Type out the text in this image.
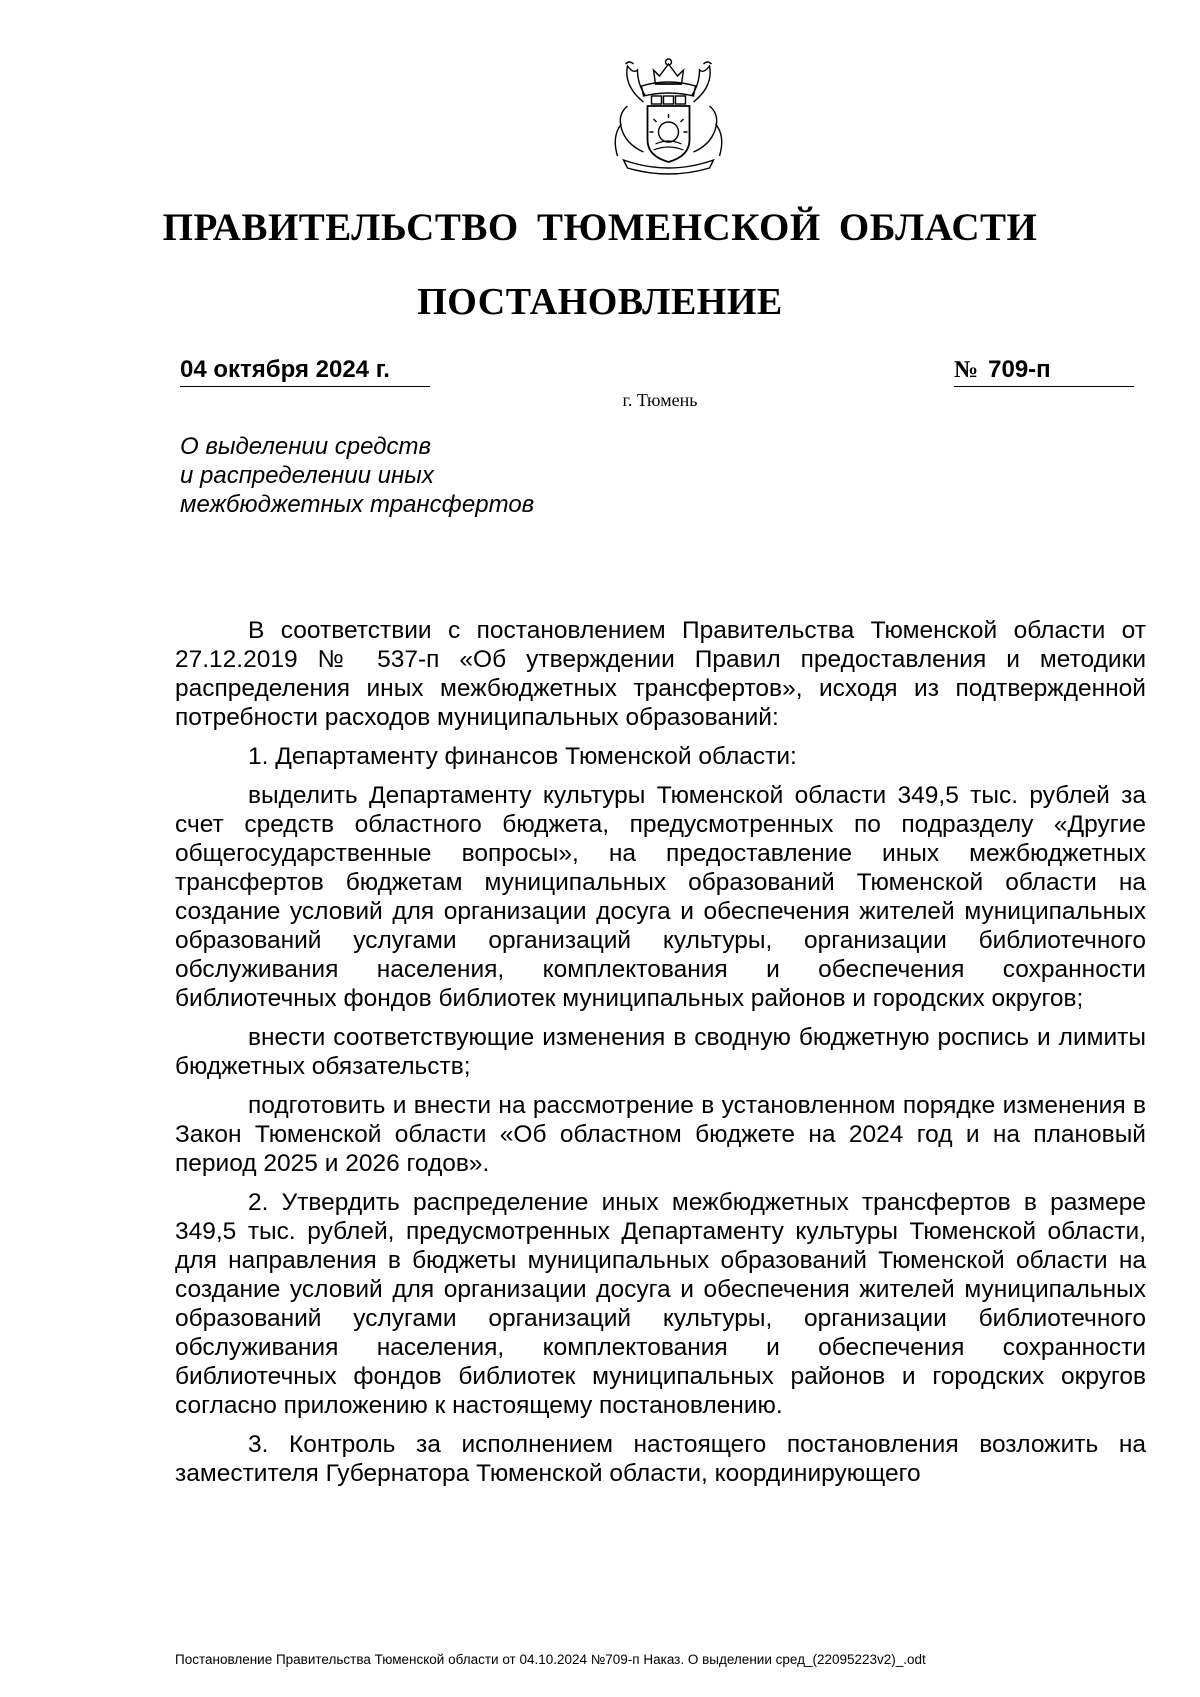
ПРАВИТЕЛЬСТВО ТЮМЕНСКОЙ ОБЛАСТИ
ПОСТАНОВЛЕНИЕ
04 октября 2024 г.	№ 709-п
г. Тюмень
О выделении средств
и распределении иных
межбюджетных трансфертов

В соответствии с постановлением Правительства Тюменской области от 27.12.2019 № 537-п «Об утверждении Правил предоставления и методики распределения иных межбюджетных трансфертов», исходя из подтвержденной потребности расходов муниципальных образований:

1. Департаменту финансов Тюменской области:

выделить Департаменту культуры Тюменской области 349,5 тыс. рублей за счет средств областного бюджета, предусмотренных по подразделу «Другие общегосударственные вопросы», на предоставление иных межбюджетных трансфертов бюджетам муниципальных образований Тюменской области на создание условий для организации досуга и обеспечения жителей муниципальных образований услугами организаций культуры, организации библиотечного обслуживания населения, комплектования и обеспечения сохранности библиотечных фондов библиотек муниципальных районов и городских округов;

внести соответствующие изменения в сводную бюджетную роспись и лимиты бюджетных обязательств;

подготовить и внести на рассмотрение в установленном порядке изменения в Закон Тюменской области «Об областном бюджете на 2024 год и на плановый период 2025 и 2026 годов».

2. Утвердить распределение иных межбюджетных трансфертов в размере 349,5 тыс. рублей, предусмотренных Департаменту культуры Тюменской области, для направления в бюджеты муниципальных образований Тюменской области на создание условий для организации досуга и обеспечения жителей муниципальных образований услугами организаций культуры, организации библиотечного обслуживания населения, комплектования и обеспечения сохранности библиотечных фондов библиотек муниципальных районов и городских округов согласно приложению к настоящему постановлению.

3. Контроль за исполнением настоящего постановления возложить на заместителя Губернатора Тюменской области, координирующего

Постановление Правительства Тюменской области от 04.10.2024 №709-п Наказ. О выделении сред_(22095223v2)_.odt
